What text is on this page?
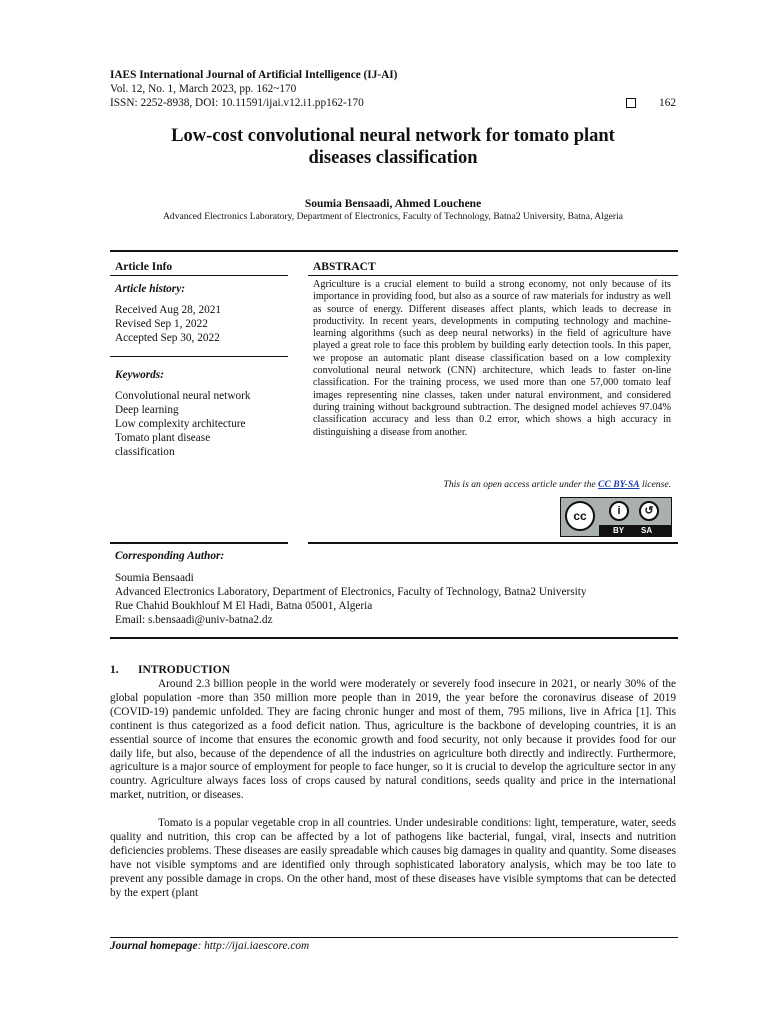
IAES International Journal of Artificial Intelligence (IJ-AI)
Vol. 12, No. 1, March 2023, pp. 162~170
ISSN: 2252-8938, DOI: 10.11591/ijai.v12.i1.pp162-170	162
Low-cost convolutional neural network for tomato plant
diseases classification
Soumia Bensaadi, Ahmed Louchene
Advanced Electronics Laboratory, Department of Electronics, Faculty of Technology, Batna2 University, Batna, Algeria
Article Info
Article history:
Received Aug 28, 2021
Revised Sep 1, 2022
Accepted Sep 30, 2022
Keywords:
Convolutional neural network
Deep learning
Low complexity architecture
Tomato plant disease
classification
ABSTRACT
Agriculture is a crucial element to build a strong economy, not only because of its importance in providing food, but also as a source of raw materials for industry as well as source of energy. Different diseases affect plants, which leads to decrease in productivity. In recent years, developments in computing technology and machine-learning algorithms (such as deep neural networks) in the field of agriculture have played a great role to face this problem by building early detection tools. In this paper, we propose an automatic plant disease classification based on a low complexity convolutional neural network (CNN) architecture, which leads to faster on-line classification. For the training process, we used more than one 57,000 tomato leaf images representing nine classes, taken under natural environment, and considered during training without background subtraction. The designed model achieves 97.04% classification accuracy and less than 0.2 error, which shows a high accuracy in distinguishing a disease from another.
This is an open access article under the CC BY-SA license.
cc	i	↺
BY SA
Corresponding Author:
Soumia Bensaadi
Advanced Electronics Laboratory, Department of Electronics, Faculty of Technology, Batna2 University
Rue Chahid Boukhlouf M El Hadi, Batna 05001, Algeria
Email: s.bensaadi@univ-batna2.dz
1. INTRODUCTION
Around 2.3 billion people in the world were moderately or severely food insecure in 2021, or nearly 30% of the global population -more than 350 million more people than in 2019, the year before the coronavirus disease of 2019 (COVID-19) pandemic unfolded. They are facing chronic hunger and most of them, 795 milions, live in Africa [1]. This continent is thus categorized as a food deficit nation. Thus, agriculture is the backbone of developing countries, it is an essential source of income that ensures the economic growth and food security, not only because it provides food for our daily life, but also, because of the dependence of all the industries on agriculture both directly and indirectly. Furthermore, agriculture is a major source of employment for people to face hunger, so it is crucial to develop the agriculture sector in any country. Agriculture always faces loss of crops caused by natural conditions, seeds quality and price in the international market, nutrition, or diseases.
Tomato is a popular vegetable crop in all countries. Under undesirable conditions: light, temperature, water, seeds quality and nutrition, this crop can be affected by a lot of pathogens like bacterial, fungal, viral, insects and nutrition deficiencies problems. These diseases are easily spreadable which causes big damages in quality and quantity. Some diseases have not visible symptoms and are identified only through sophisticated laboratory analysis, which may be too late to prevent any possible damage in crops. On the other hand, most of these diseases have visible symptoms that can be detected by the expert (plant
Journal homepage: http://ijai.iaescore.com
